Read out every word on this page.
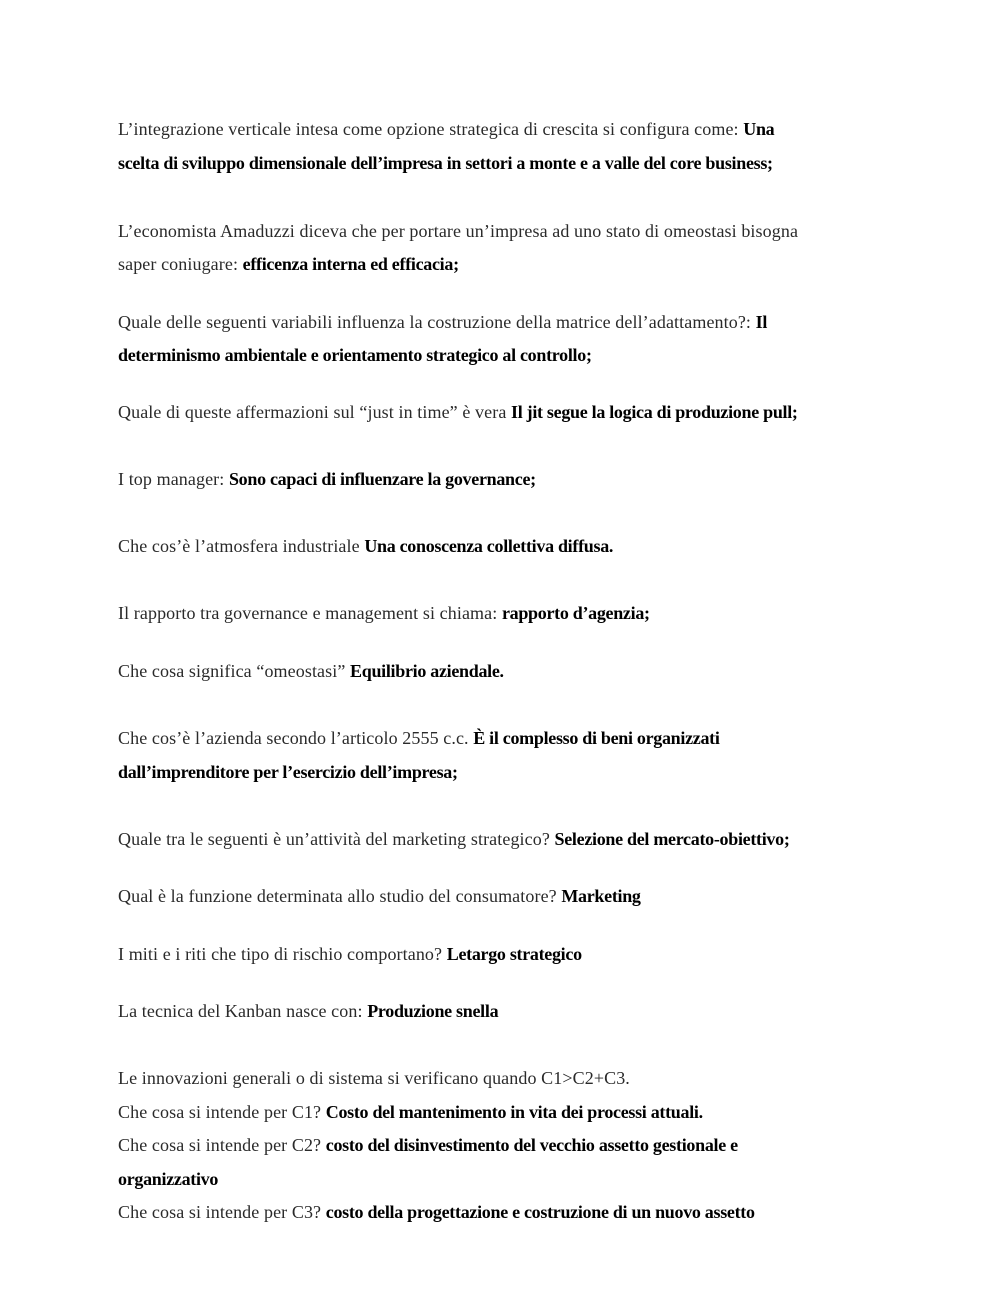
L’integrazione verticale intesa come opzione strategica di crescita si configura come: Una
scelta di sviluppo dimensionale dell’impresa in settori a monte e a valle del core business;
L’economista Amaduzzi diceva che per portare un’impresa ad uno stato di omeostasi bisogna
saper coniugare: efficenza interna ed efficacia;
Quale delle seguenti variabili influenza la costruzione della matrice dell’adattamento?: Il
determinismo ambientale e orientamento strategico al controllo;
Quale di queste affermazioni sul “just in time” è vera Il jit segue la logica di produzione pull;
I top manager: Sono capaci di influenzare la governance;
Che cos’è l’atmosfera industriale Una conoscenza collettiva diffusa.
Il rapporto tra governance e management si chiama: rapporto d’agenzia;
Che cosa significa “omeostasi” Equilibrio aziendale.
Che cos’è l’azienda secondo l’articolo 2555 c.c. È il complesso di beni organizzati
dall’imprenditore per l’esercizio dell’impresa;
Quale tra le seguenti è un’attività del marketing strategico? Selezione del mercato-obiettivo;
Qual è la funzione determinata allo studio del consumatore? Marketing
I miti e i riti che tipo di rischio comportano? Letargo strategico
La tecnica del Kanban nasce con: Produzione snella
Le innovazioni generali o di sistema si verificano quando C1>C2+C3.
Che cosa si intende per C1? Costo del mantenimento in vita dei processi attuali.
Che cosa si intende per C2? costo del disinvestimento del vecchio assetto gestionale e
organizzativo
Che cosa si intende per C3? costo della progettazione e costruzione di un nuovo assetto
